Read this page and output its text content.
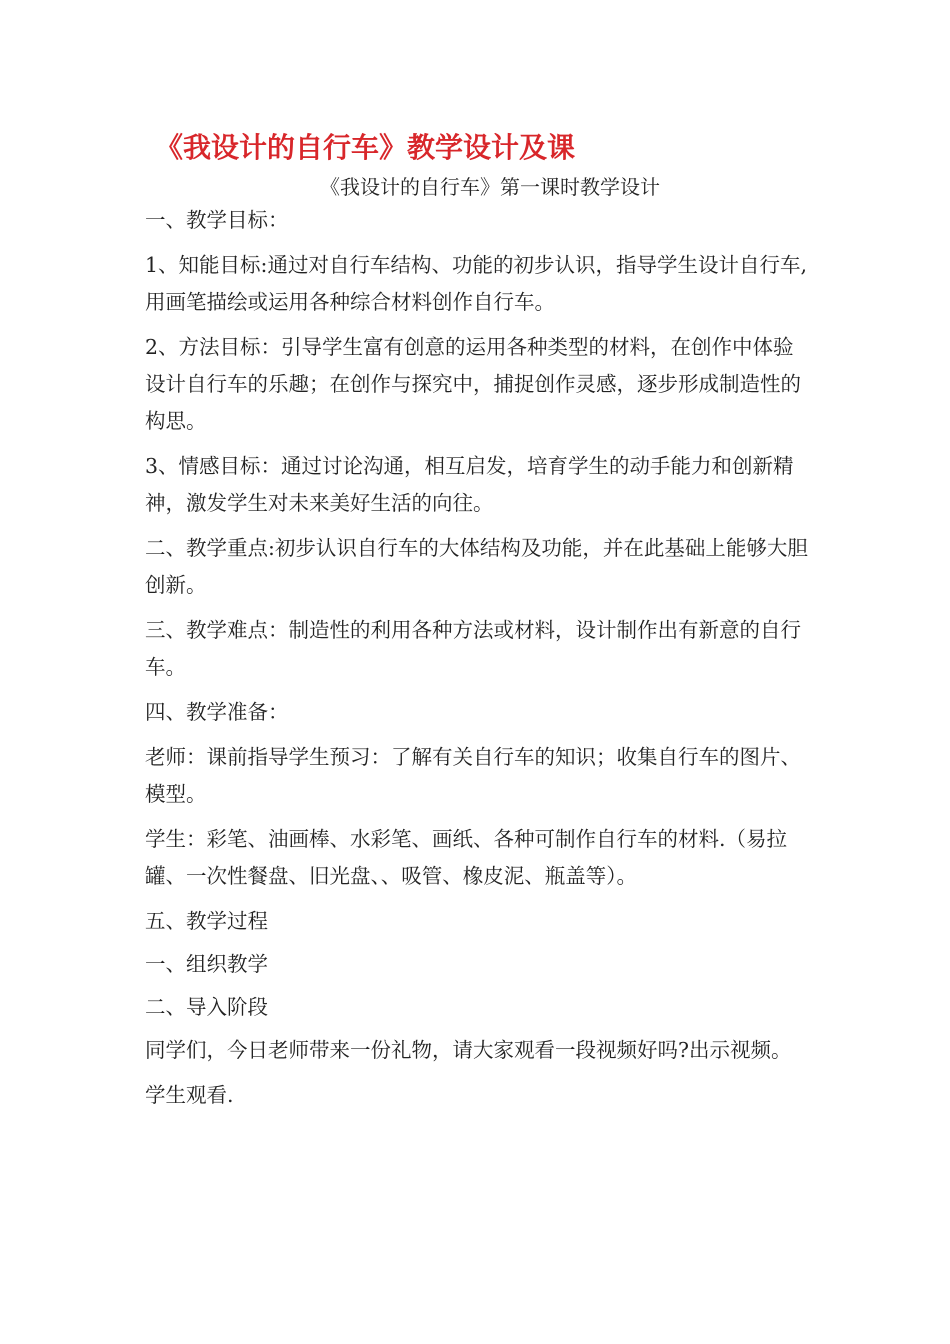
《我设计的自行车》教学设计及课

《我设计的自行车》第一课时教学设计

一、教学目标：

1、知能目标:通过对自行车结构、功能的初步认识，指导学生设计自行车,用画笔描绘或运用各种综合材料创作自行车。

2、方法目标：引导学生富有创意的运用各种类型的材料，在创作中体验设计自行车的乐趣；在创作与探究中，捕捉创作灵感，逐步形成制造性的构思。

3、情感目标：通过讨论沟通，相互启发，培育学生的动手能力和创新精神，激发学生对未来美好生活的向往。

二、教学重点:初步认识自行车的大体结构及功能，并在此基础上能够大胆创新。

三、教学难点：制造性的利用各种方法或材料，设计制作出有新意的自行车。

四、教学准备：

老师：课前指导学生预习：了解有关自行车的知识；收集自行车的图片、模型。

学生：彩笔、油画棒、水彩笔、画纸、各种可制作自行车的材料.（易拉罐、一次性餐盘、旧光盘、、吸管、橡皮泥、瓶盖等）。

五、教学过程

一、组织教学

二、导入阶段

同学们，今日老师带来一份礼物，请大家观看一段视频好吗?出示视频。

学生观看.
